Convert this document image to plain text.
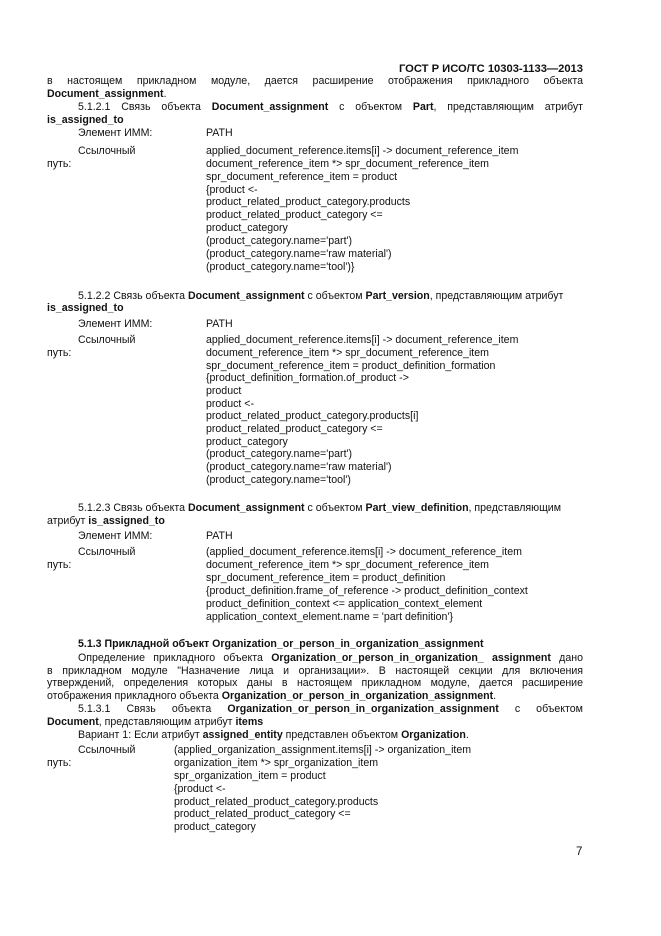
ГОСТ Р ИСО/ТС 10303-1133—2013
в настоящем прикладном модуле, дается расширение отображения прикладного объекта
Document_assignment.
5.1.2.1 Связь объекта Document_assignment с объектом Part, представляющим атрибут
is_assigned_to
Элемент ИММ:	PATH
Ссылочный
путь:
applied_document_reference.items[i] -> document_reference_item
document_reference_item *> spr_document_reference_item
spr_document_reference_item = product
{product <-
product_related_product_category.products
product_related_product_category <=
product_category
(product_category.name='part')
(product_category.name='raw material')
(product_category.name='tool')}
5.1.2.2 Связь объекта Document_assignment с объектом Part_version, представляющим атрибут
is_assigned_to
Элемент ИММ:	PATH
Ссылочный
путь:
applied_document_reference.items[i] -> document_reference_item
document_reference_item *> spr_document_reference_item
spr_document_reference_item = product_definition_formation
{product_definition_formation.of_product ->
product
product <-
product_related_product_category.products[i]
product_related_product_category <=
product_category
(product_category.name='part')
(product_category.name='raw material')
(product_category.name='tool')
5.1.2.3 Связь объекта Document_assignment с объектом Part_view_definition, представляющим
атрибут is_assigned_to
Элемент ИММ:	PATH
Ссылочный
путь:
(applied_document_reference.items[i] -> document_reference_item
document_reference_item *> spr_document_reference_item
spr_document_reference_item = product_definition
{product_definition.frame_of_reference -> product_definition_context
product_definition_context <= application_context_element
application_context_element.name = 'part definition'}
5.1.3 Прикладной объект Organization_or_person_in_organization_assignment
Определение прикладного объекта Organization_or_person_in_organization_ assignment дано
в прикладном модуле "Назначение лица и организации». В настоящей секции для включения
утверждений, определения которых даны в настоящем прикладном модуле, дается расширение
отображения прикладного объекта Organization_or_person_in_organization_assignment.
5.1.3.1 Связь объекта Organization_or_person_in_organization_assignment с объектом
Document, представляющим атрибут items
Вариант 1: Если атрибут assigned_entity представлен объектом Organization.
Ссылочный
путь:
(applied_organization_assignment.items[i] -> organization_item
organization_item *> spr_organization_item
spr_organization_item = product
{product <-
product_related_product_category.products
product_related_product_category <=
product_category
7
